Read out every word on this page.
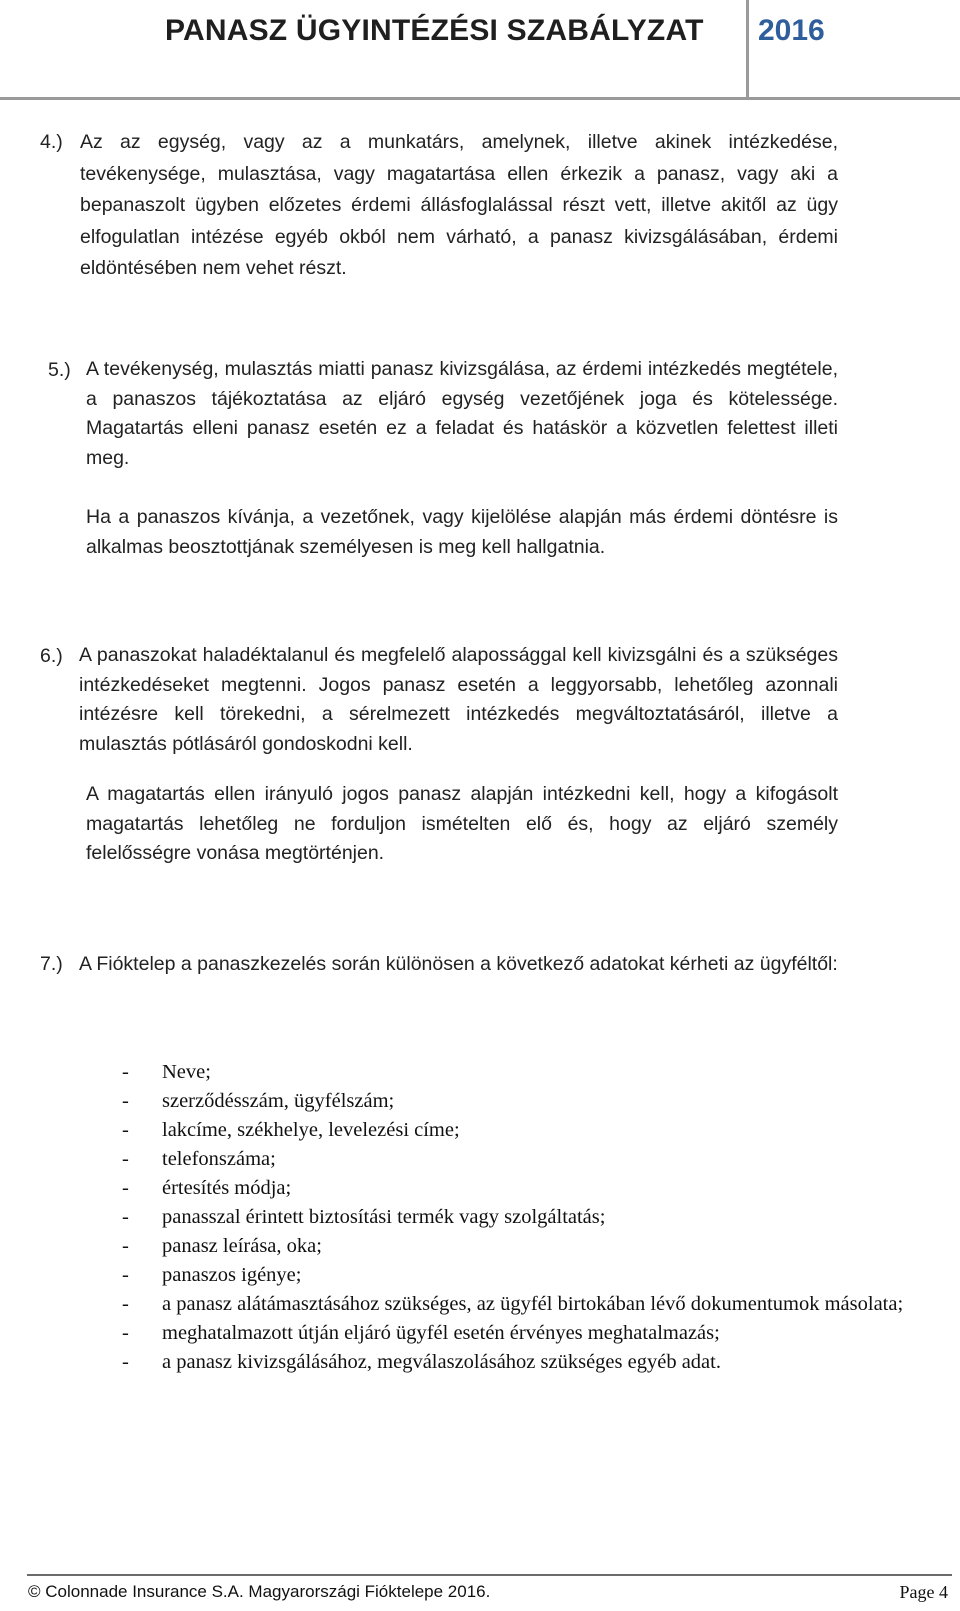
PANASZ ÜGYINTÉZÉSI SZABÁLYZAT 2016
4.) Az az egység, vagy az a munkatárs, amelynek, illetve akinek intézkedése, tevékenysége, mulasztása, vagy magatartása ellen érkezik a panasz, vagy aki a bepanaszolt ügyben előzetes érdemi állásfoglalással részt vett, illetve akitől az ügy elfogulatlan intézése egyéb okból nem várható, a panasz kivizsgálásában, érdemi eldöntésében nem vehet részt.
5.) A tevékenység, mulasztás miatti panasz kivizsgálása, az érdemi intézkedés megtétele, a panaszos tájékoztatása az eljáró egység vezetőjének joga és kötelessége. Magatartás elleni panasz esetén ez a feladat és hatáskör a közvetlen felettest illeti meg.
Ha a panaszos kívánja, a vezetőnek, vagy kijelölése alapján más érdemi döntésre is alkalmas beosztottjának személyesen is meg kell hallgatnia.
6.) A panaszokat haladéktalanul és megfelelő alapossággal kell kivizsgálni és a szükséges intézkedéseket megtenni. Jogos panasz esetén a leggyorsabb, lehetőleg azonnali intézésre kell törekedni, a sérelmezett intézkedés megváltoztatásáról, illetve a mulasztás pótlásáról gondoskodni kell.
A magatartás ellen irányuló jogos panasz alapján intézkedni kell, hogy a kifogásolt magatartás lehetőleg ne forduljon ismételten elő és, hogy az eljáró személy felelősségre vonása megtörténjen.
7.) A Fióktelep a panaszkezelés során különösen a következő adatokat kérheti az ügyféltől:
- Neve;
- szerződésszám, ügyfélszám;
- lakcíme, székhelye, levelezési címe;
- telefonszáma;
- értesítés módja;
- panasszal érintett biztosítási termék vagy szolgáltatás;
- panasz leírása, oka;
- panaszos igénye;
- a panasz alátámasztásához szükséges, az ügyfél birtokában lévő dokumentumok másolata;
- meghatalmazott útján eljáró ügyfél esetén érvényes meghatalmazás;
- a panasz kivizsgálásához, megválaszolásához szükséges egyéb adat.
© Colonnade Insurance S.A. Magyarországi Fióktelepe 2016.	Page 4
